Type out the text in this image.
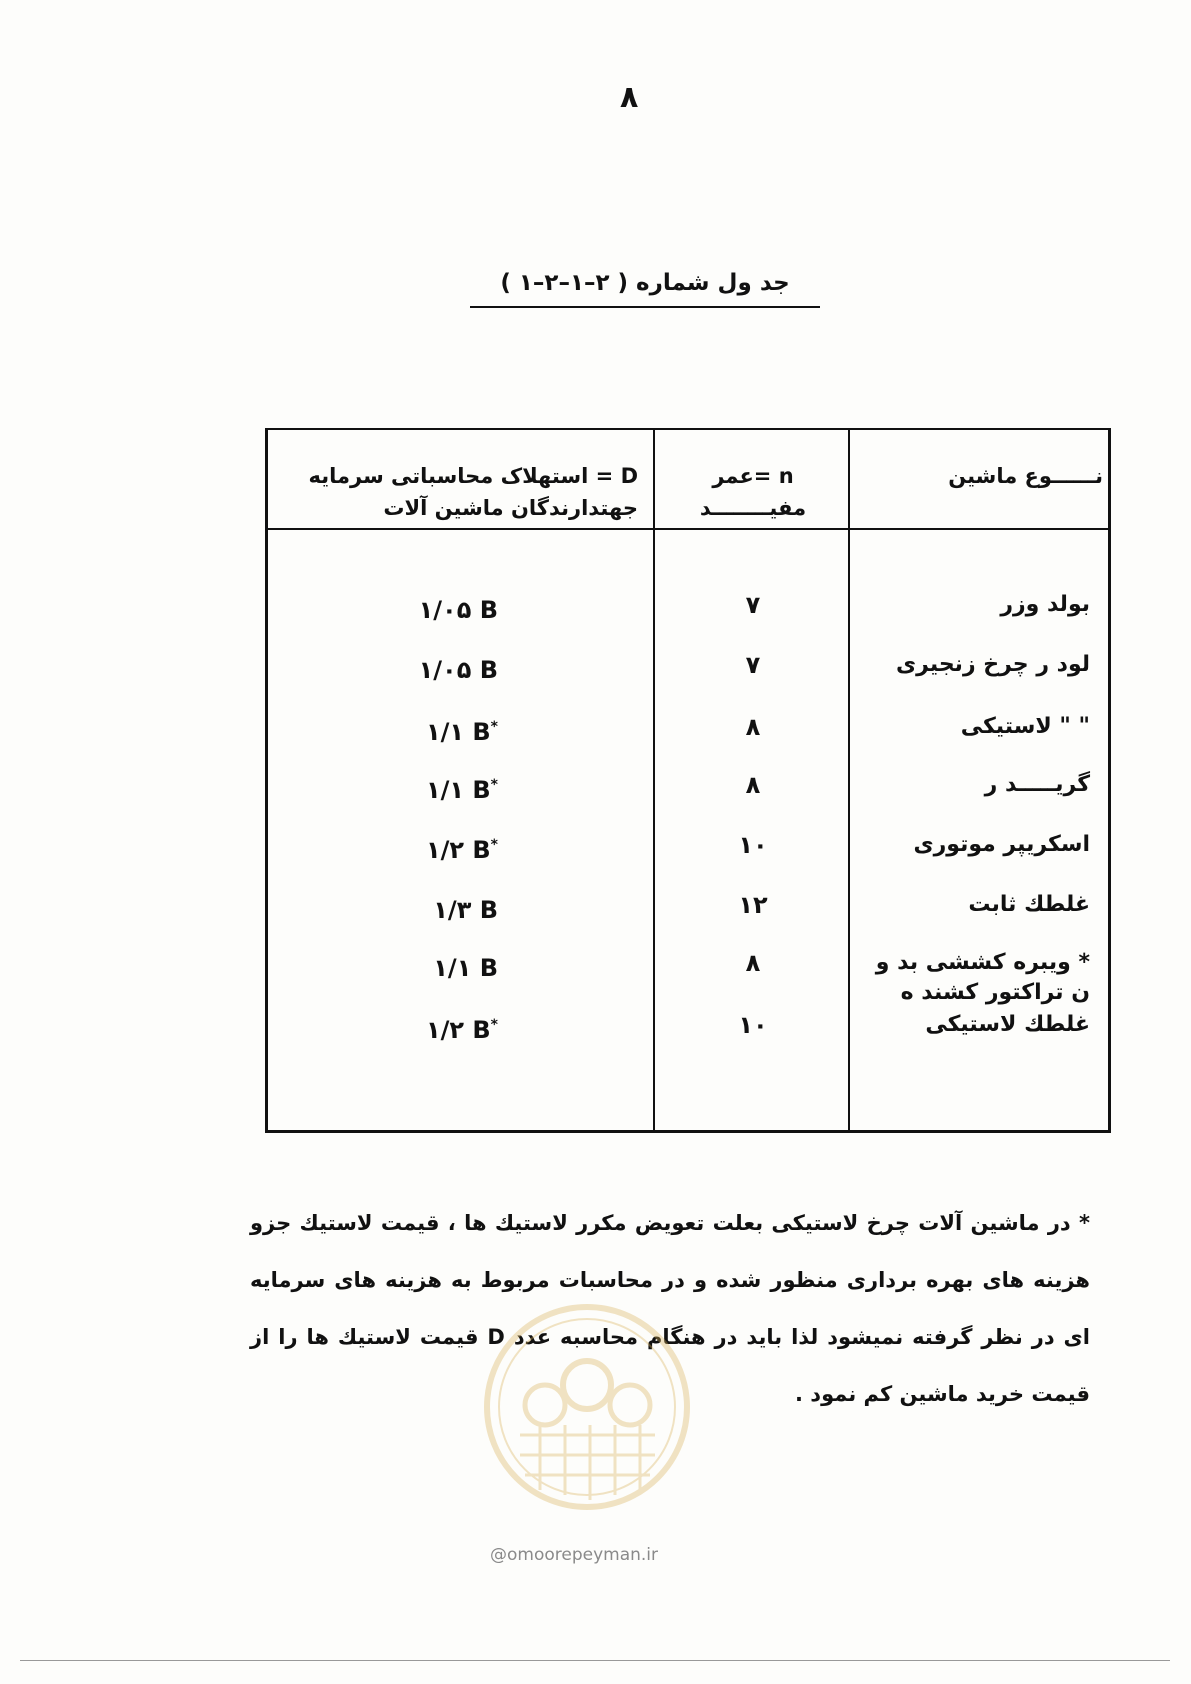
۸
جد ول شماره ( ۲–۱–۲–۱ )
نــــــوع ماشین
n =عمر مفیــــــــد
D = استهلاک محاسباتی سرمایه جهتدارندگان ماشین آلات
بولد وزر
۷
۱/۰۵ B
لود ر چرخ زنجیری
۷
۱/۰۵ B
" " لاستیکی
۸
۱/۱ B*
گریـــــد ر
۸
۱/۱ B*
اسکریپر موتوری
۱۰
۱/۲ B*
غلطك ثابت
۱۲
۱/۳ B
* ویبره کششی بد و ن تراکتور کشند ه
۸
۱/۱ B
غلطك لاستیکی
۱۰
۱/۲ B*
* در ماشین آلات چرخ لاستیکی بعلت تعویض مکرر لاستیك ها ، قیمت لاستیك جزو هزینه های بهره برداری منظور شده و در محاسبات مربوط به هزینه های سرمایه ای در نظر گرفته نمیشود لذا باید در هنگام محاسبه عدد D قیمت لاستیك ها را از قیمت خرید ماشین کم نمود .
@omoorepeyman.ir
